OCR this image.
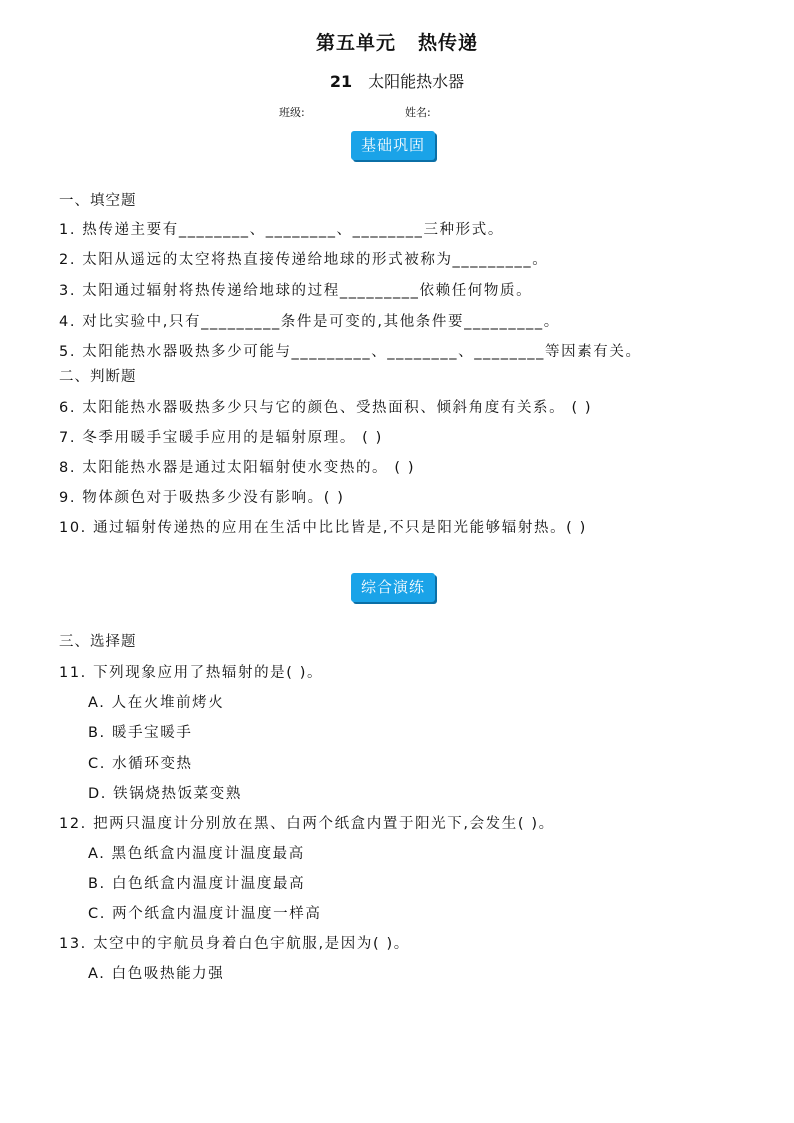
第五单元 热传递
21 太阳能热水器
班级:	姓名:
基础巩固
一、填空题
1. 热传递主要有________、________、________三种形式。
2. 太阳从遥远的太空将热直接传递给地球的形式被称为_________。
3. 太阳通过辐射将热传递给地球的过程_________依赖任何物质。
4. 对比实验中,只有_________条件是可变的,其他条件要_________。
5. 太阳能热水器吸热多少可能与_________、________、________等因素有关。
二、判断题
6. 太阳能热水器吸热多少只与它的颜色、受热面积、倾斜角度有关系。 ( )
7. 冬季用暖手宝暖手应用的是辐射原理。 ( )
8. 太阳能热水器是通过太阳辐射使水变热的。 ( )
9. 物体颜色对于吸热多少没有影响。( )
10. 通过辐射传递热的应用在生活中比比皆是,不只是阳光能够辐射热。( )
综合演练
三、选择题
11. 下列现象应用了热辐射的是( )。
A. 人在火堆前烤火
B. 暖手宝暖手
C. 水循环变热
D. 铁锅烧热饭菜变熟
12. 把两只温度计分别放在黑、白两个纸盒内置于阳光下,会发生( )。
A. 黑色纸盒内温度计温度最高
B. 白色纸盒内温度计温度最高
C. 两个纸盒内温度计温度一样高
13. 太空中的宇航员身着白色宇航服,是因为( )。
A. 白色吸热能力强
